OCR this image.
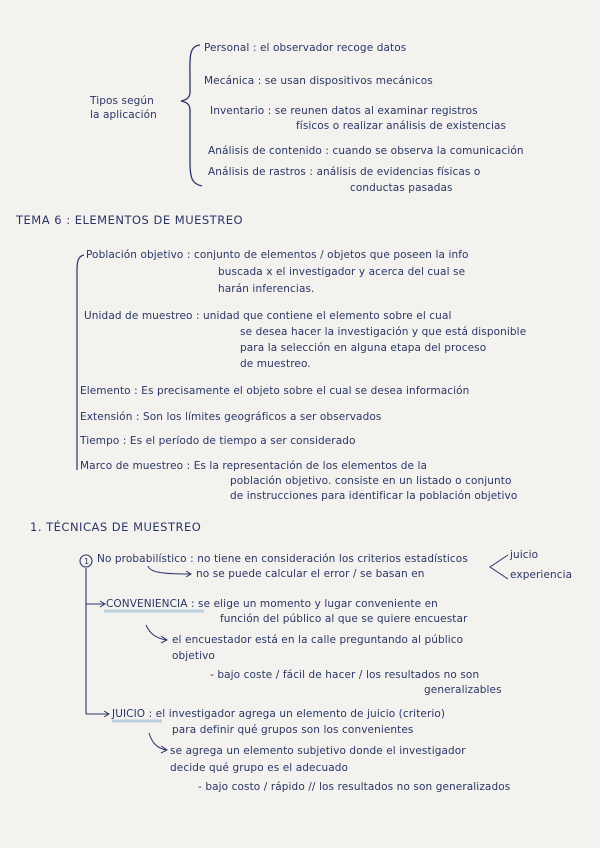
Tipos según
la aplicación
Personal : el observador recoge datos
Mecánica : se usan dispositivos mecánicos
Inventario : se reunen datos al examinar registros
físicos o realizar análisis de existencias
Análisis de contenido : cuando se observa la comunicación
Análisis de rastros : análisis de evidencias físicas o
conductas pasadas
TEMA 6 : ELEMENTOS DE MUESTREO
Población objetivo : conjunto de elementos / objetos que poseen la info
buscada x el investigador y acerca del cual se
harán inferencias.
Unidad de muestreo : unidad que contiene el elemento sobre el cual
se desea hacer la investigación y que está disponible
para la selección en alguna etapa del proceso
de muestreo.
Elemento : Es precisamente el objeto sobre el cual se desea información
Extensión : Son los límites geográficos a ser observados
Tiempo : Es el período de tiempo a ser considerado
Marco de muestreo : Es la representación de los elementos de la
población objetivo. consiste en un listado o conjunto
de instrucciones para identificar la población objetivo
1. TÉCNICAS DE MUESTREO
1 No probabilístico : no tiene en consideración los criterios estadísticos
no se puede calcular el error / se basan en
juicio
experiencia
CONVENIENCIA : se elige un momento y lugar conveniente en
función del público al que se quiere encuestar
el encuestador está en la calle preguntando al público
objetivo
- bajo coste / fácil de hacer / los resultados no son
generalizables
JUICIO : el investigador agrega un elemento de juicio (criterio)
para definir qué grupos son los convenientes
se agrega un elemento subjetivo donde el investigador
decide qué grupo es el adecuado
- bajo costo / rápido // los resultados no son generalizados
